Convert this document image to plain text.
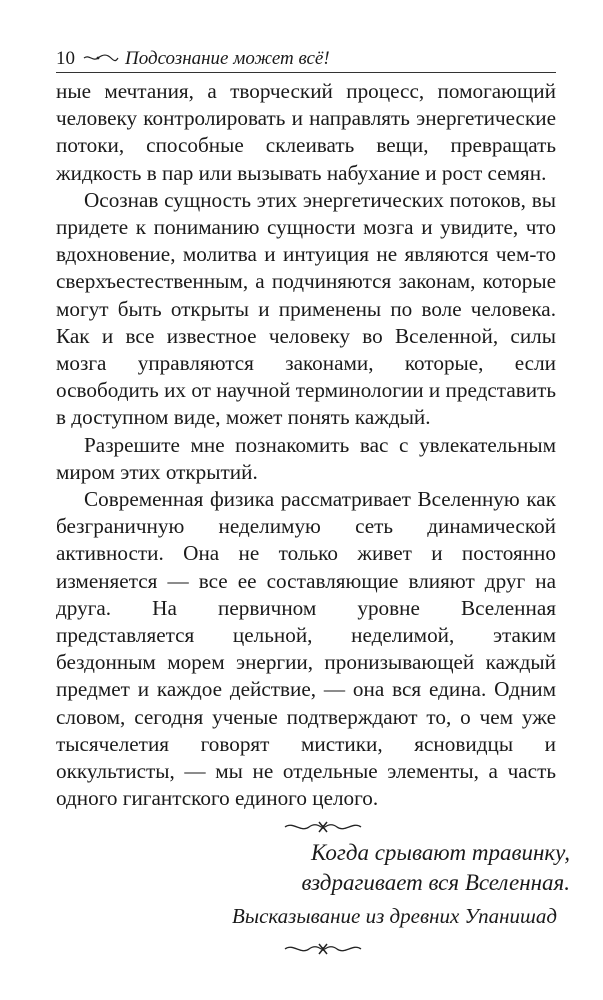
10	Подсознание может всё!

ные мечтания, а творческий процесс, помогающий человеку контролировать и направлять энергетические потоки, способные склеивать вещи, превращать жидкость в пар или вызывать набухание и рост семян.

Осознав сущность этих энергетических потоков, вы придете к пониманию сущности мозга и увидите, что вдохновение, молитва и интуиция не являются чем-то сверхъестественным, а подчиняются законам, которые могут быть открыты и применены по воле человека. Как и все известное человеку во Вселенной, силы мозга управляются законами, которые, если освободить их от научной терминологии и представить в доступном виде, может понять каждый.

Разрешите мне познакомить вас с увлекательным миром этих открытий.

Современная физика рассматривает Вселенную как безграничную неделимую сеть динамической активности. Она не только живет и постоянно изменяется — все ее составляющие влияют друг на друга. На первичном уровне Вселенная представляется цельной, неделимой, этаким бездонным морем энергии, пронизывающей каждый предмет и каждое действие, — она вся едина. Одним словом, сегодня ученые подтверждают то, о чем уже тысячелетия говорят мистики, ясновидцы и оккультисты, — мы не отдельные элементы, а часть одного гигантского единого целого.

Когда срывают травинку,
вздрагивает вся Вселенная.
Высказывание из древних Упанишад
